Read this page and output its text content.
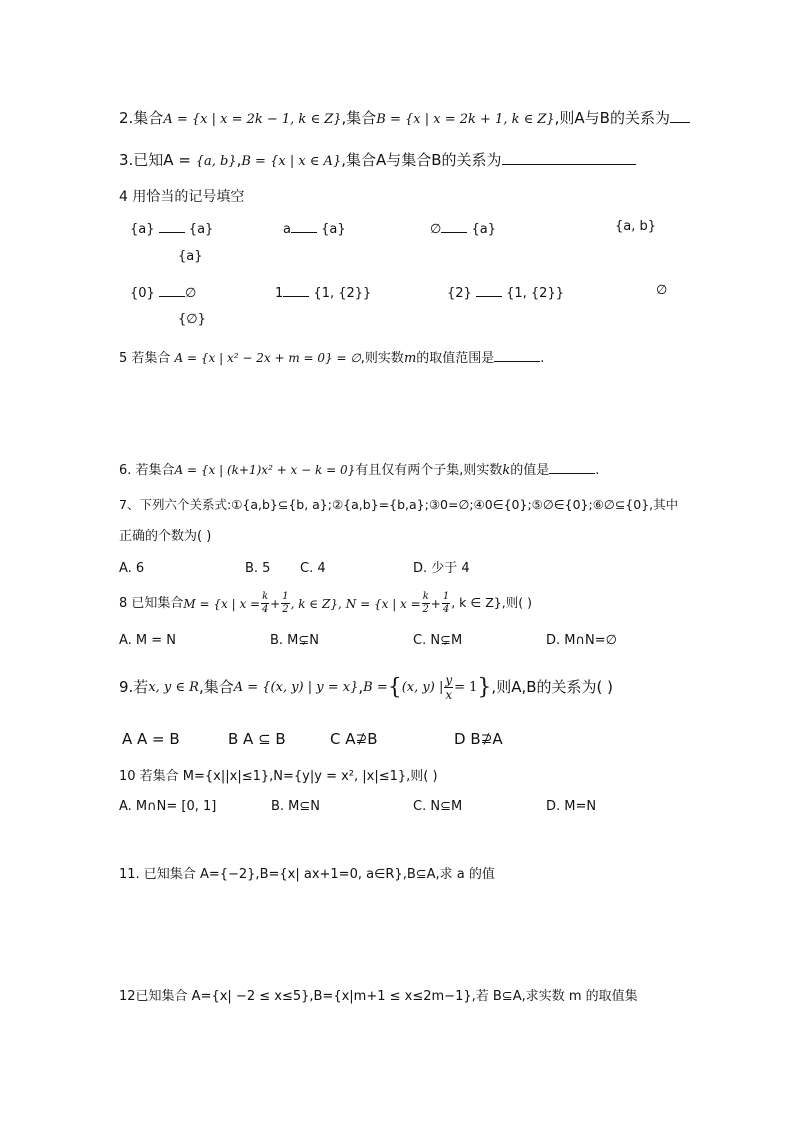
2.集合A = {x | x = 2k − 1, k ∈ Z},集合B = {x | x = 2k + 1, k ∈ Z},则A与B的关系为
3.已知A = {a, b},B = {x | x ∈ A},集合A与集合B的关系为
4 用恰当的记号填空
{a}	{a}	a {a}	∅ {a}	{a, b}
{a}
{0} ∅	1 {1, {2}}	{2}	{1, {2}}	∅
{∅}
5 若集合 A = {x | x² − 2x + m = 0} = ∅,则实数m的取值范围是	.
6. 若集合A = {x | (k+1)x² + x − k = 0}有且仅有两个子集,则实数k的值是	.
7、下列六个关系式:①{a,b}⊆{b, a};②{a,b}={b,a};③0=∅;④0∈{0};⑤∅∈{0};⑥∅⊆{0},其中
正确的个数为( )
A. 6	B. 5 C. 4	D. 少于 4
8 已知集合 M = {x | $x = \frac{k}{4} + \frac{1}{2}$ , k ∈ Z}, N = {x | $x = \frac{k}{2} + \frac{1}{4}$ , k ∈ Z},则( )
A. M = N	B. M⊊N	C. N⊊M	D. M∩N=∅
9.若 x, y ∈ R ,集合 A = {(x, y) | y = x} , B = { (x, y) | $\frac{y}{x} = 1$ } ,则A,B的关系为( )
A A = B	B A ⊆ B	C A ⊉ B	D B ⊉ A
10 若集合 M={x||x|≤1},N={y|y = x², |x|≤1},则( )
A. M∩N= [0, 1]	B. M⊆N	C. N⊆M	D. M=N
11. 已知集合 A={−2},B={x| ax+1=0, a∈R},B⊆A,求 a 的值
12已知集合 A={x| −2 ≤ x≤5},B={x|m+1 ≤ x≤2m−1},若 B⊆A,求实数 m 的取值集
